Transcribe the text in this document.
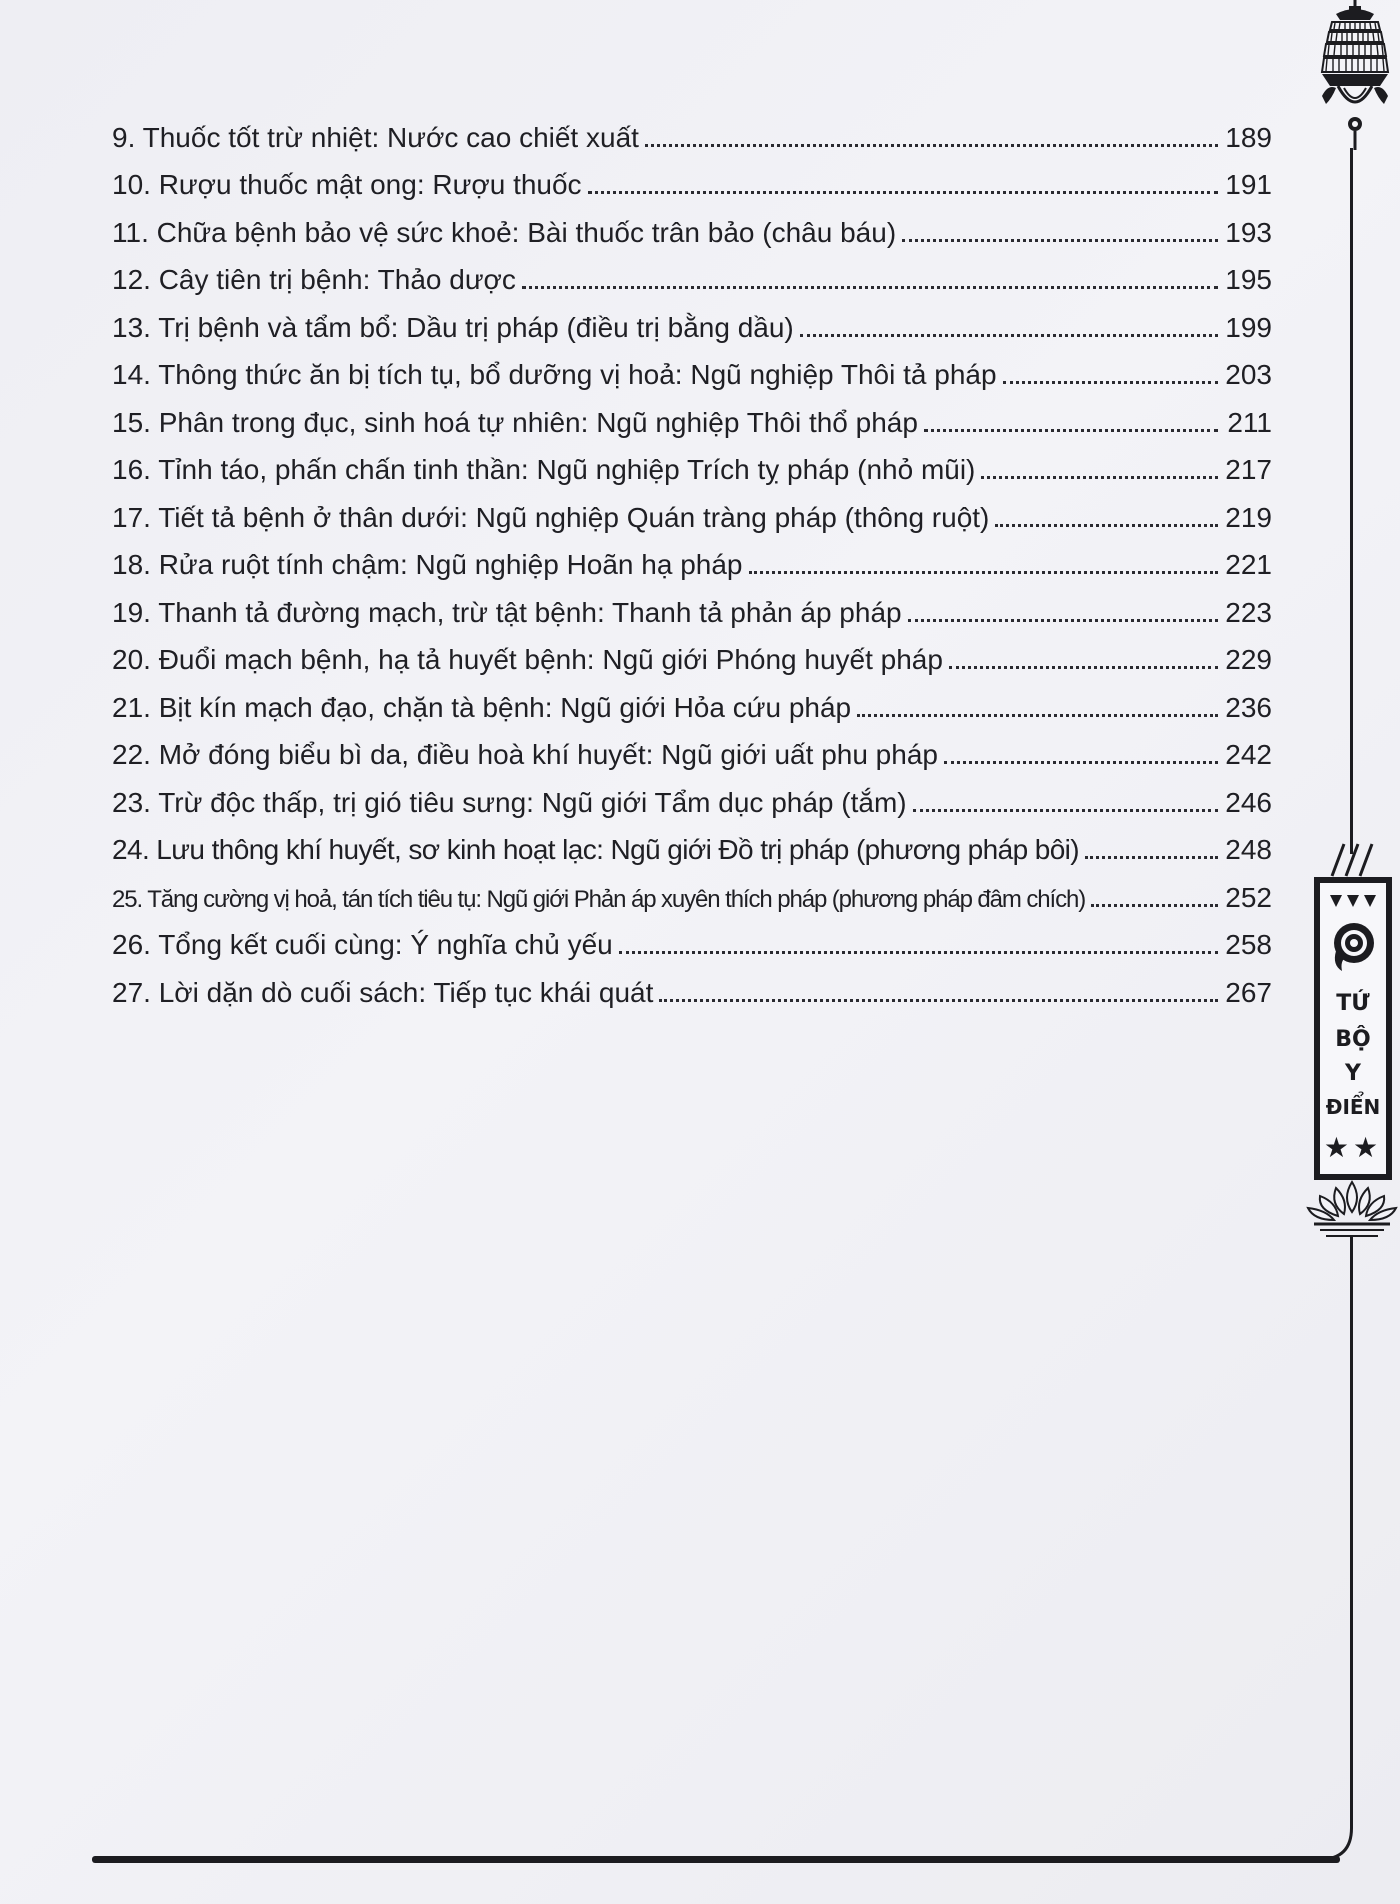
9. Thuốc tốt trừ nhiệt: Nước cao chiết xuất	189
10. Rượu thuốc mật ong: Rượu thuốc	191
11. Chữa bệnh bảo vệ sức khoẻ: Bài thuốc trân bảo (châu báu)	193
12. Cây tiên trị bệnh: Thảo dược	195
13. Trị bệnh và tẩm bổ: Dầu trị pháp (điều trị bằng dầu)	199
14. Thông thức ăn bị tích tụ, bổ dưỡng vị hoả: Ngũ nghiệp Thôi tả pháp	203
15. Phân trong đục, sinh hoá tự nhiên: Ngũ nghiệp Thôi thổ pháp	211
16. Tỉnh táo, phấn chấn tinh thần: Ngũ nghiệp Trích tỵ pháp (nhỏ mũi)	217
17. Tiết tả bệnh ở thân dưới: Ngũ nghiệp Quán tràng pháp (thông ruột)	219
18. Rửa ruột tính chậm: Ngũ nghiệp Hoãn hạ pháp	221
19. Thanh tả đường mạch, trừ tật bệnh: Thanh tả phản áp pháp	223
20. Đuổi mạch bệnh, hạ tả huyết bệnh: Ngũ giới Phóng huyết pháp	229
21. Bịt kín mạch đạo, chặn tà bệnh: Ngũ giới Hỏa cứu pháp	236
22. Mở đóng biểu bì da, điều hoà khí huyết: Ngũ giới uất phu pháp	242
23. Trừ độc thấp, trị gió tiêu sưng: Ngũ giới Tẩm dục pháp (tắm)	246
24. Lưu thông khí huyết, sơ kinh hoạt lạc: Ngũ giới Đồ trị pháp (phương pháp bôi)	248
25. Tăng cường vị hoả, tán tích tiêu tụ: Ngũ giới Phản áp xuyên thích pháp (phương pháp đâm chích)	252
26. Tổng kết cuối cùng: Ý nghĩa chủ yếu	258
27. Lời dặn dò cuối sách: Tiếp tục khái quát	267	TỨ
BỘ
Y
ĐIỂN
★★
